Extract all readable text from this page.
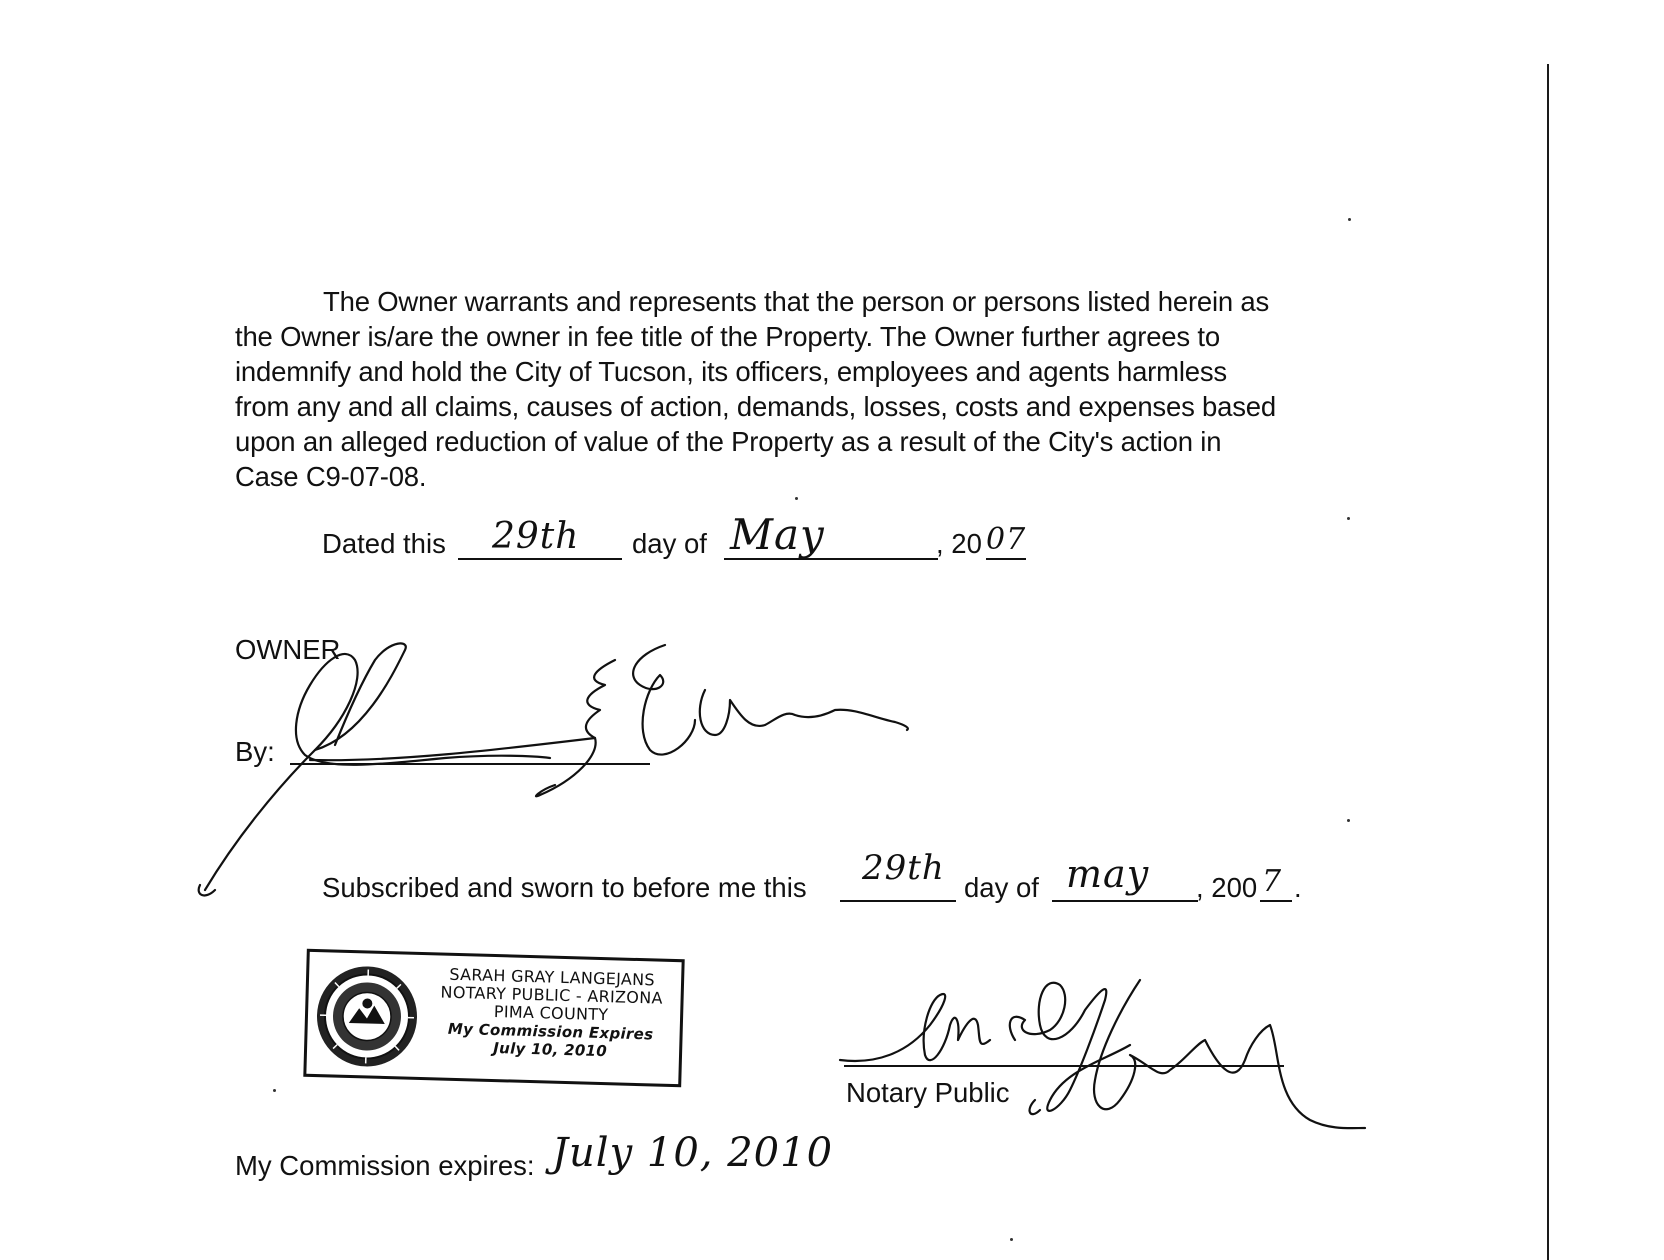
The Owner warrants and represents that the person or persons listed herein as
the Owner is/are the owner in fee title of the Property. The Owner further agrees to
indemnify and hold the City of Tucson, its officers, employees and agents harmless
from any and all claims, causes of action, demands, losses, costs and expenses based
upon an alleged reduction of value of the Property as a result of the City's action in
Case C9-07-08.
Dated this 29th day of May	, 20 07
OWNER
By:
Subscribed and sworn to before me this 29th day of may , 200 7 .
SARAH GRAY LANGEJANS
NOTARY PUBLIC - ARIZONA
PIMA COUNTY
My Commission Expires
July 10, 2010
Notary Public
My Commission expires: July 10, 2010
